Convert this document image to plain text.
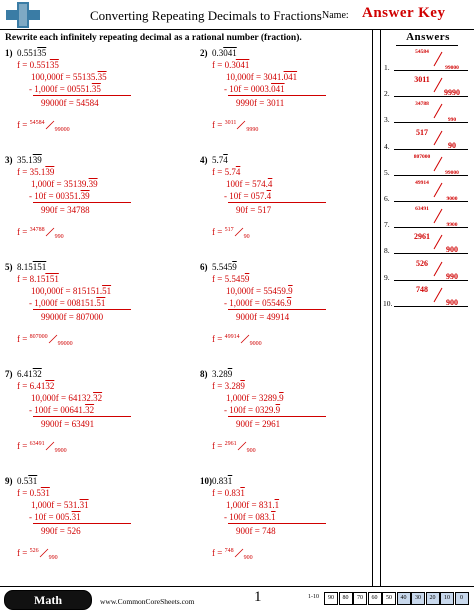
Converting Repeating Decimals to Fractions Name: Answer Key
Rewrite each infinitely repeating decimal as a rational number (fraction).
1) 0.55135
f = 0.55135
100,000f = 55135.35
- 1,000f = 00551.35
99000f = 54584
f = $^{54584}_{99000}$
2) 0.3041
f = 0.3041
10,000f = 3041.041
- 10f = 0003.041
9990f = 3011
f = $^{3011}_{9990}$
3) 35.139
f = 35.139
1,000f = 35139.39
- 10f = 00351.39
990f = 34788
f = $^{34788}_{990}$
4) 5.74
f = 5.74
100f = 574.4
- 10f = 057.4
90f = 517
f = $^{517}_{90}$
5) 8.15151
f = 8.15151
100,000f = 815151.51
- 1,000f = 008151.51
99000f = 807000
f = $^{807000}_{99000}$
6) 5.5459
f = 5.5459
10,000f = 55459.9
- 1,000f = 05546.9
9000f = 49914
f = $^{49914}_{9000}$
7) 6.4132
f = 6.4132
10,000f = 64132.32
- 100f = 00641.32
9900f = 63491
f = $^{63491}_{9900}$
8) 3.289
f = 3.289
1,000f = 3289.9
- 100f = 0329.9
900f = 2961
f = $^{2961}_{900}$
9) 0.531
f = 0.531
1,000f = 531.31
- 10f = 005.31
990f = 526
f = $^{526}_{990}$
10) 0.831
f = 0.831
1,000f = 831.1
- 100f = 083.1
900f = 748
f = $^{748}_{900}$
Answers
1.
54584
99000
2.
3011
9990
3.
34788
990
4.
517
90
5.
807000
99000
6.
49914
9000
7.
63491
9900
8.
2961
900
9.
526
990
10.
748
900
Math	www.CommonCoreSheets.com	1	1-10	90	80	70	60	50	40	30	20	10	0
